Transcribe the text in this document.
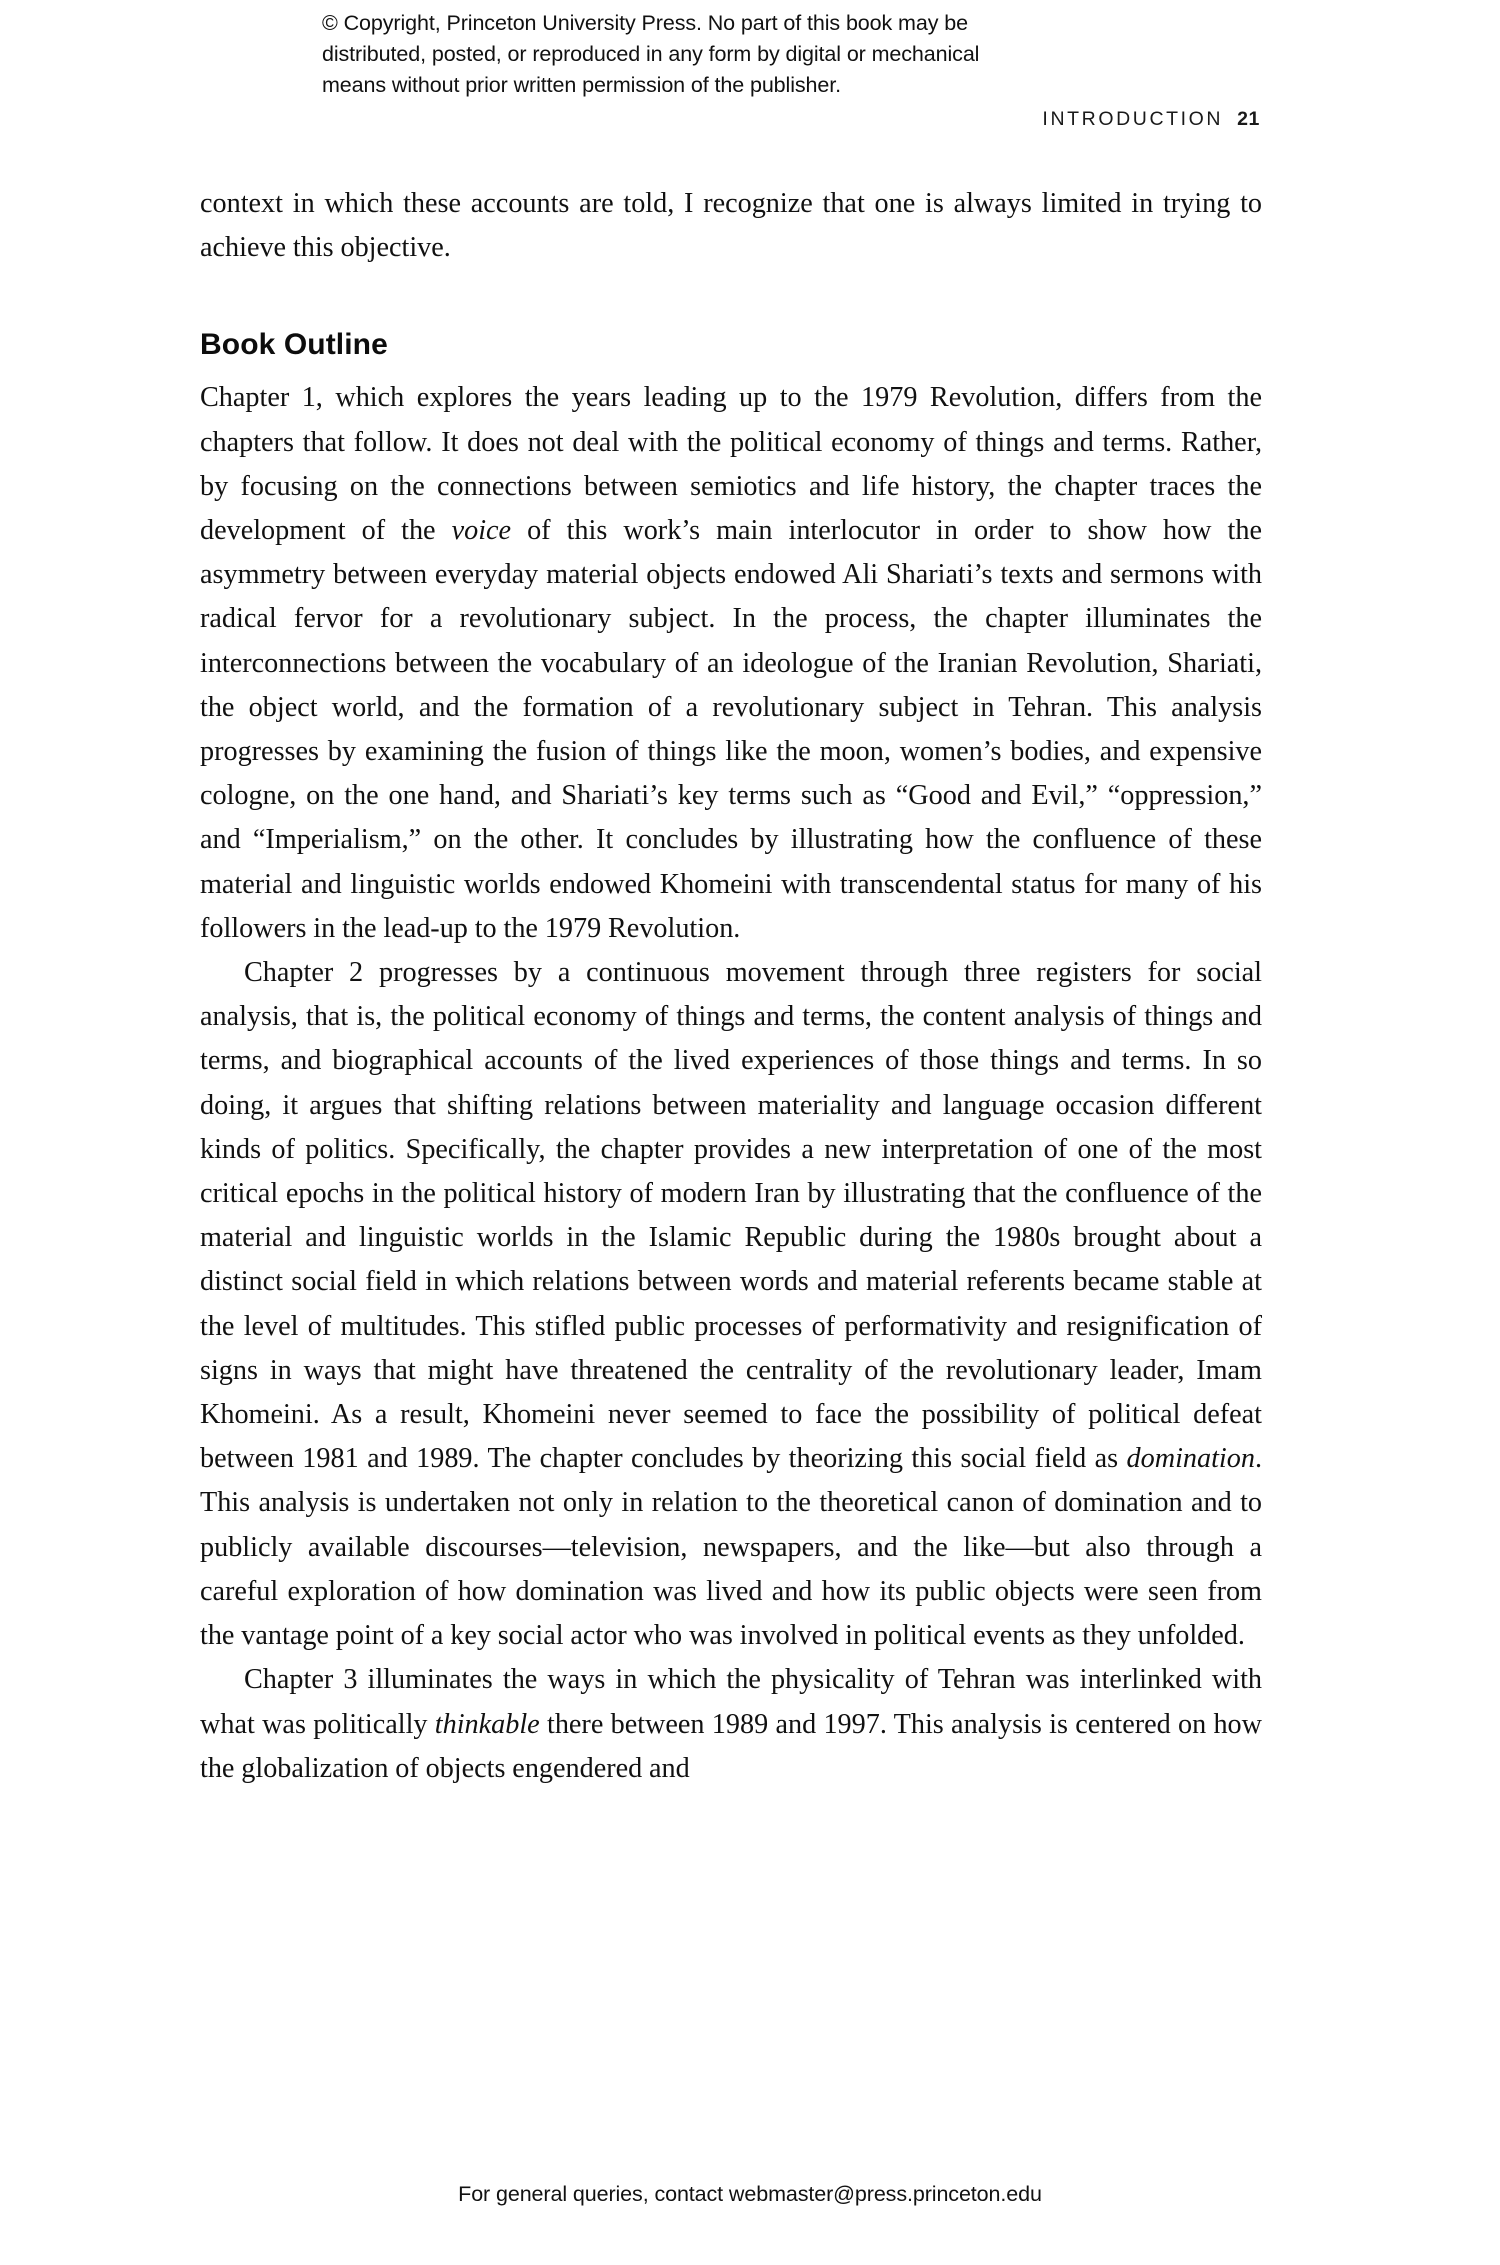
© Copyright, Princeton University Press. No part of this book may be
distributed, posted, or reproduced in any form by digital or mechanical
means without prior written permission of the publisher.
INTRODUCTION 21

context in which these accounts are told, I recognize that one is always limited in trying to achieve this objective.

Book Outline

Chapter 1, which explores the years leading up to the 1979 Revolution, differs from the chapters that follow. It does not deal with the political economy of things and terms. Rather, by focusing on the connections between semiotics and life history, the chapter traces the development of the voice of this work’s main interlocutor in order to show how the asymmetry between everyday material objects endowed Ali Shariati’s texts and sermons with radical fervor for a revolutionary subject. In the process, the chapter illuminates the interconnections between the vocabulary of an ideologue of the Iranian Revolution, Shariati, the object world, and the formation of a revolutionary subject in Tehran. This analysis progresses by examining the fusion of things like the moon, women’s bodies, and expensive cologne, on the one hand, and Shariati’s key terms such as “Good and Evil,” “oppression,” and “Imperialism,” on the other. It concludes by illustrating how the confluence of these material and linguistic worlds endowed Khomeini with transcendental status for many of his followers in the lead-up to the 1979 Revolution.

Chapter 2 progresses by a continuous movement through three registers for social analysis, that is, the political economy of things and terms, the content analysis of things and terms, and biographical accounts of the lived experiences of those things and terms. In so doing, it argues that shifting relations between materiality and language occasion different kinds of politics. Specifically, the chapter provides a new interpretation of one of the most critical epochs in the political history of modern Iran by illustrating that the confluence of the material and linguistic worlds in the Islamic Republic during the 1980s brought about a distinct social field in which relations between words and material referents became stable at the level of multitudes. This stifled public processes of performativity and resignification of signs in ways that might have threatened the centrality of the revolutionary leader, Imam Khomeini. As a result, Khomeini never seemed to face the possibility of political defeat between 1981 and 1989. The chapter concludes by theorizing this social field as domination. This analysis is undertaken not only in relation to the theoretical canon of domination and to publicly available discourses—television, newspapers, and the like—but also through a careful exploration of how domination was lived and how its public objects were seen from the vantage point of a key social actor who was involved in political events as they unfolded.

Chapter 3 illuminates the ways in which the physicality of Tehran was interlinked with what was politically thinkable there between 1989 and 1997. This analysis is centered on how the globalization of objects engendered and

For general queries, contact webmaster@press.princeton.edu
